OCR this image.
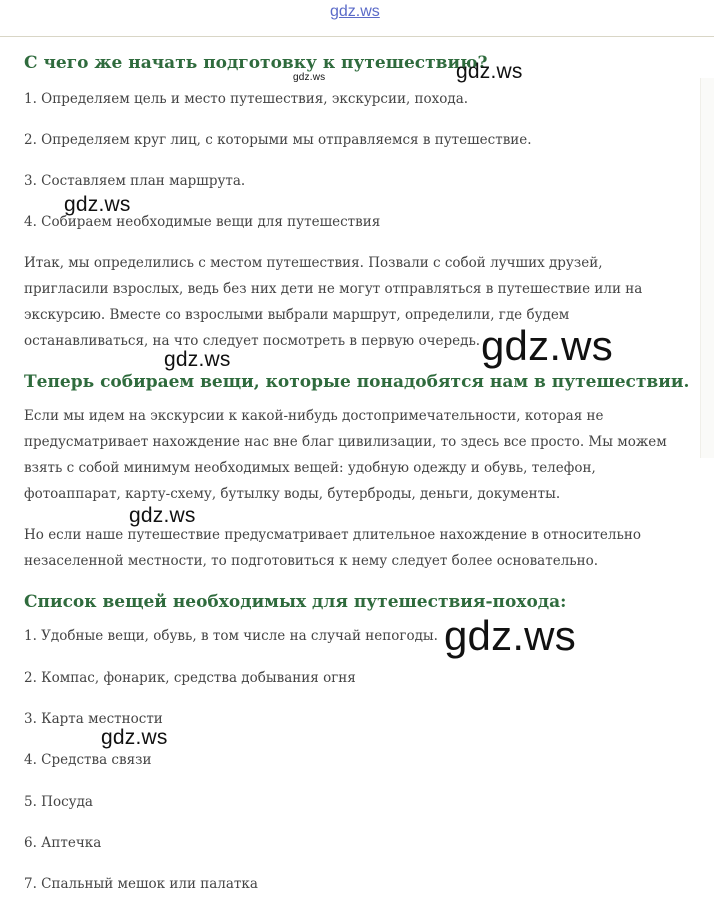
gdz.ws
С чего же начать подготовку к путешествию?

1. Определяем цель и место путешествия, экскурсии, похода.

2. Определяем круг лиц, с которыми мы отправляемся в путешествие.

3. Составляем план маршрута.

4. Собираем необходимые вещи для путешествия

Итак, мы определились с местом путешествия. Позвали с собой лучших друзей,

пригласили взрослых, ведь без них дети не могут отправляться в путешествие или на

экскурсию. Вместе со взрослыми выбрали маршрут, определили, где будем

останавливаться, на что следует посмотреть в первую очередь.

Теперь собираем вещи, которые понадобятся нам в путешествии.

Если мы идем на экскурсии к какой-нибудь достопримечательности, которая не

предусматривает нахождение нас вне благ цивилизации, то здесь все просто. Мы можем

взять с собой минимум необходимых вещей: удобную одежду и обувь, телефон,

фотоаппарат, карту-схему, бутылку воды, бутерброды, деньги, документы.

Но если наше путешествие предусматривает длительное нахождение в относительно

незаселенной местности, то подготовиться к нему следует более основательно.

Список вещей необходимых для путешествия-похода:

1. Удобные вещи, обувь, в том числе на случай непогоды.

2. Компас, фонарик, средства добывания огня

3. Карта местности

4. Средства связи

5. Посуда

6. Аптечка

7. Спальный мешок или палатка

gdz.ws	gdz.ws
gdz.ws
gdz.ws
gdz.ws
gdz.ws
gdz.ws
gdz.ws
